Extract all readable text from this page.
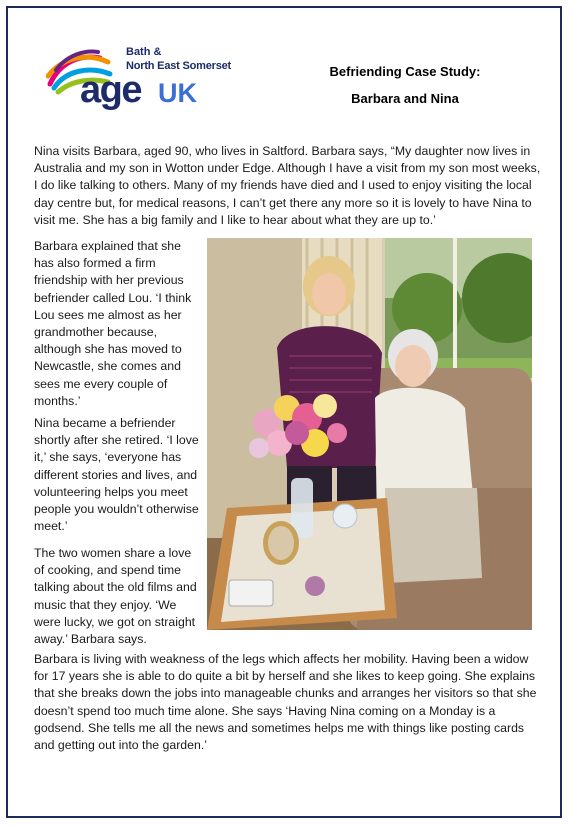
Bath &
North East Somerset
age UK
Befriending Case Study:
Barbara and Nina

Nina visits Barbara, aged 90, who lives in Saltford. Barbara says, “My daughter now lives in Australia and my son in Wotton under Edge. Although I have a visit from my son most weeks, I do like talking to others. Many of my friends have died and I used to enjoy visiting the local day centre but, for medical reasons, I can’t get there any more so it is lovely to have Nina to visit me. She has a big family and I like to hear about what they are up to.’

Barbara explained that she has also formed a firm friendship with her previous befriender called Lou. ‘I think Lou sees me almost as her grandmother because, although she has moved to Newcastle, she comes and sees me every couple of months.’

Nina became a befriender shortly after she retired. ‘I love it,’ she says, ‘everyone has different stories and lives, and volunteering helps you meet people you wouldn’t otherwise meet.’

The two women share a love of cooking, and spend time talking about the old films and music that they enjoy. ‘We were lucky, we got on straight away.’ Barbara says.

Barbara is living with weakness of the legs which affects her mobility. Having been a widow for 17 years she is able to do quite a bit by herself and she likes to keep going. She explains that she breaks down the jobs into manageable chunks and arranges her visitors so that she doesn’t spend too much time alone. She says ‘Having Nina coming on a Monday is a godsend. She tells me all the news and sometimes helps me with things like posting cards and getting out into the garden.’
